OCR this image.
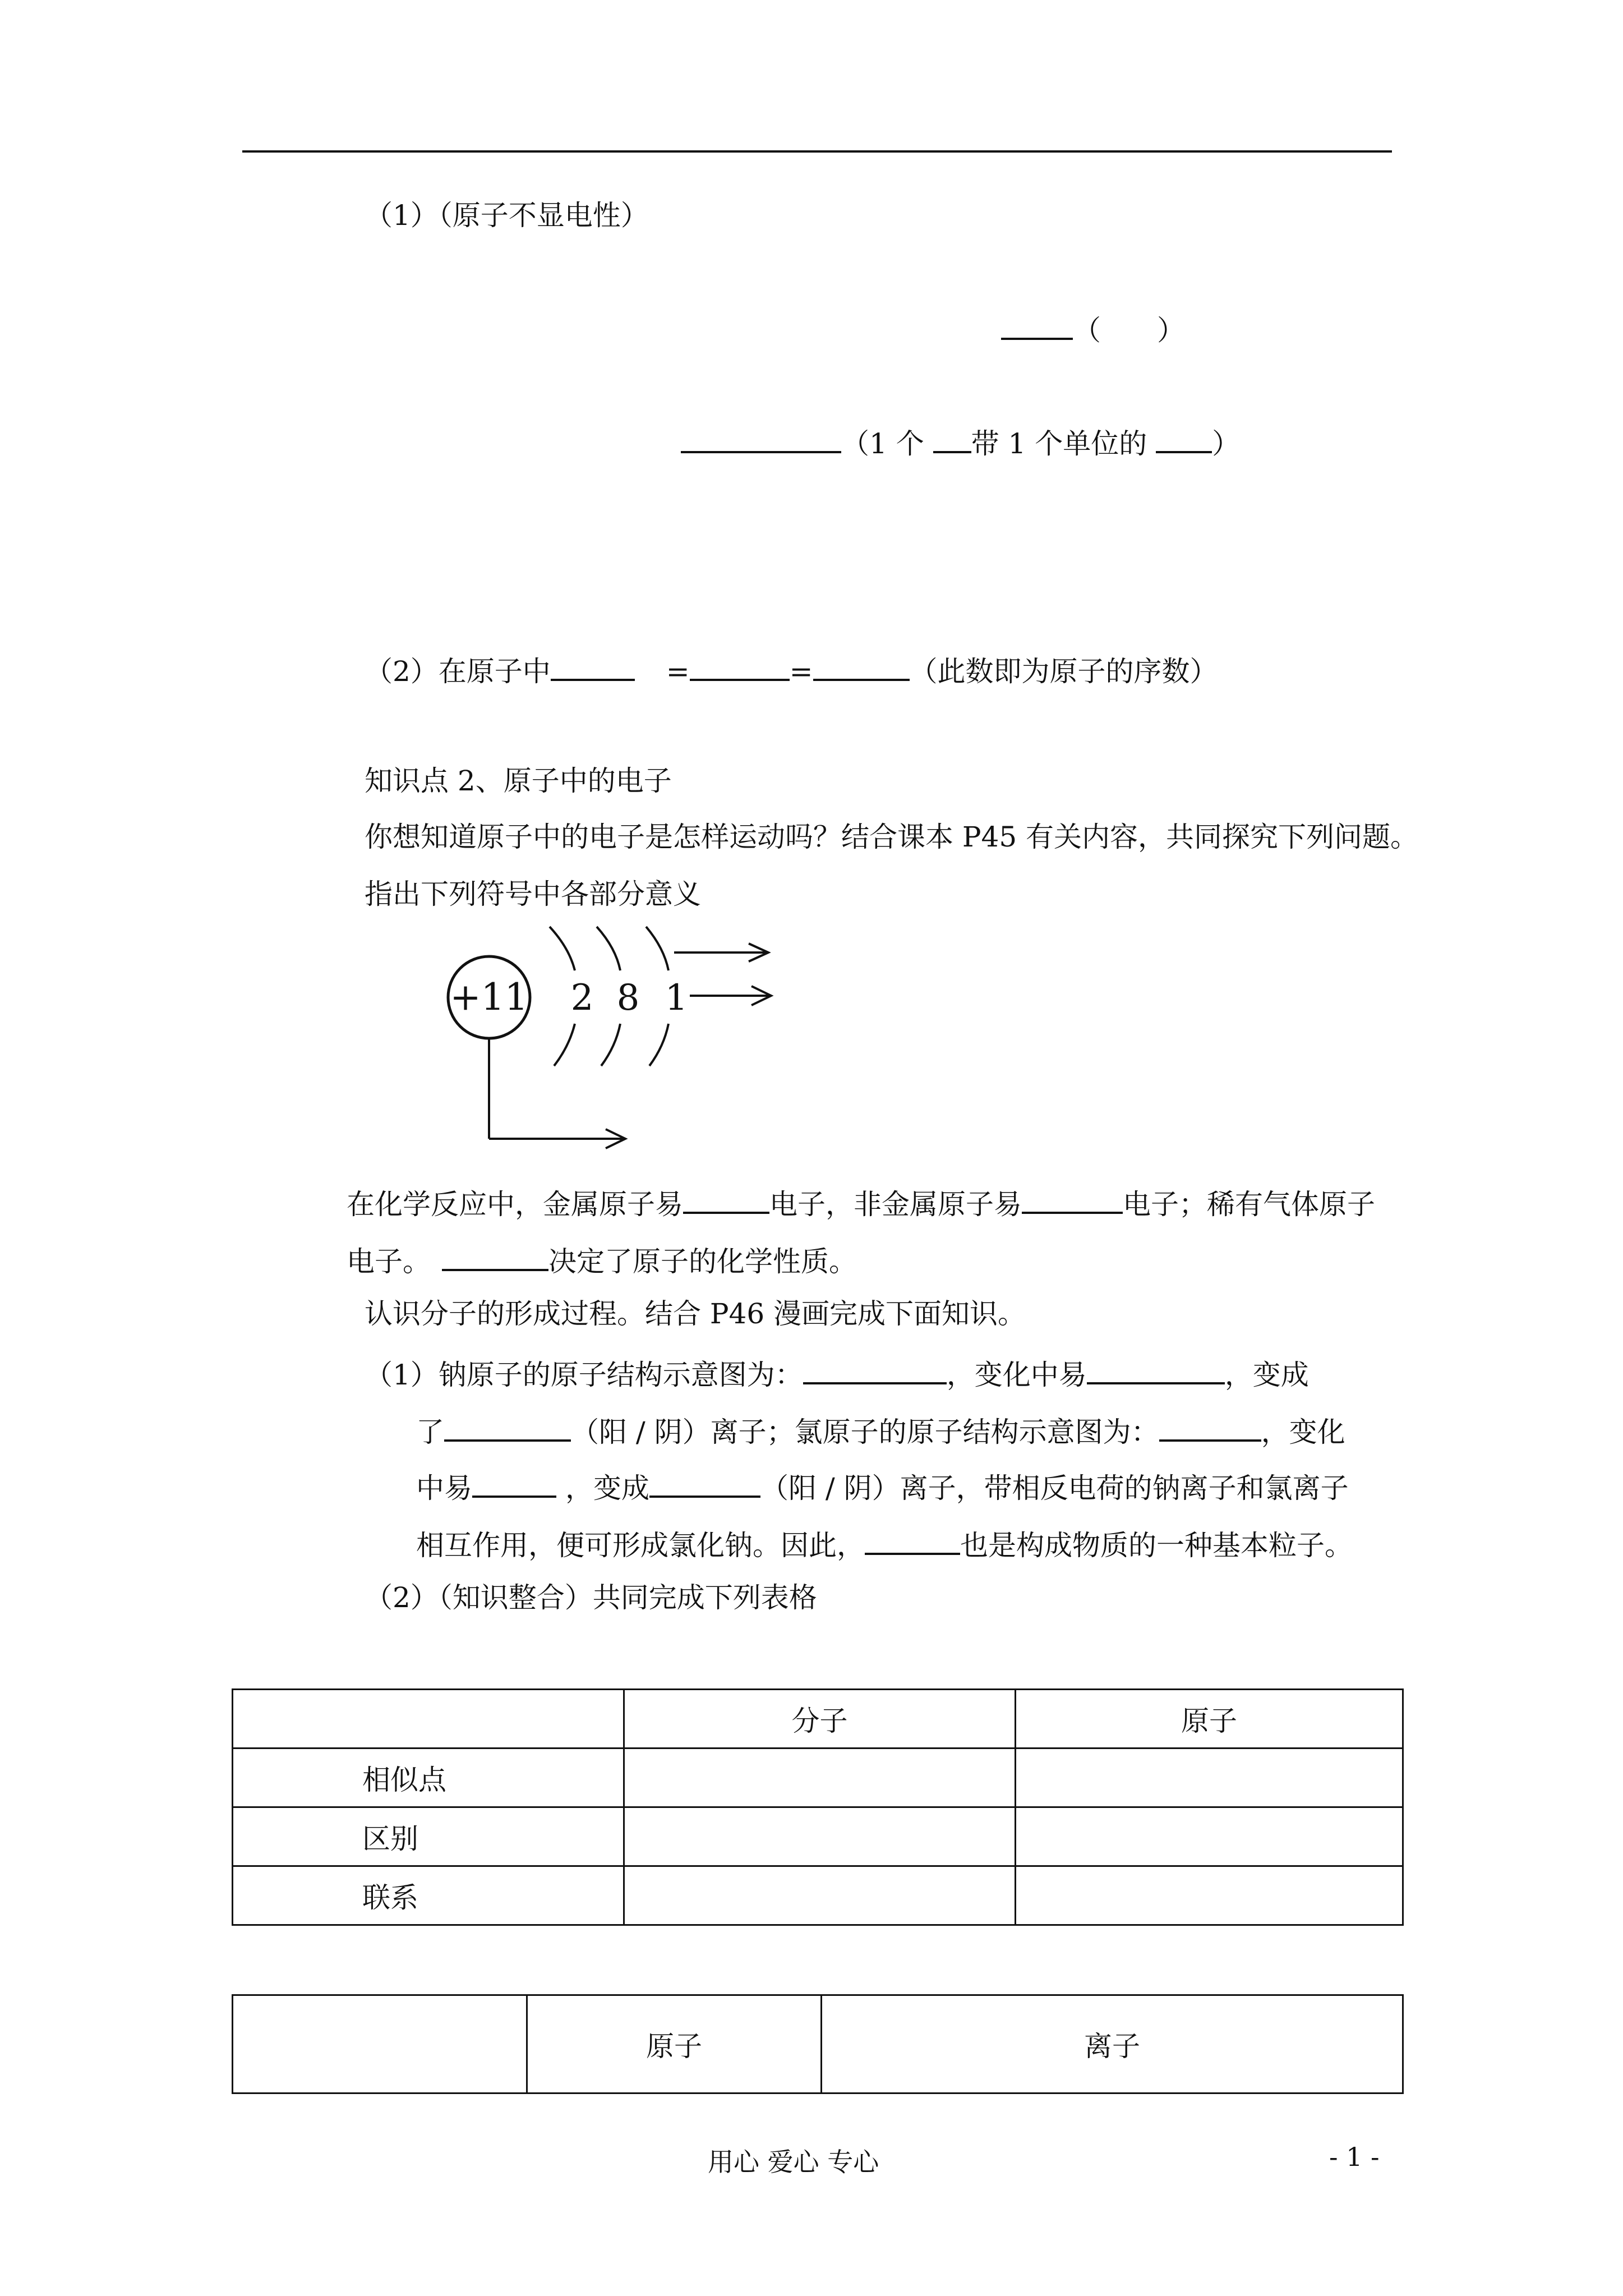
（1）（原子不显电性）
（　　）
（1 个 带 1 个单位的 ）
（2）在原子中	=	=	（此数即为原子的序数）
知识点 2、原子中的电子
你想知道原子中的电子是怎样运动吗？结合课本 P45 有关内容，共同探究下列问题。
指出下列符号中各部分意义
+11 2 8 1
在化学反应中，金属原子易	电子，非金属原子易	电子；稀有气体原子
电子。	决定了原子的化学性质。
认识分子的形成过程。结合 P46 漫画完成下面知识。
（1）钠原子的原子结构示意图为：	，变化中易	，变成
了	（阳 / 阴）离子；氯原子的原子结构示意图为：	，变化
中易	，变成	（阳 / 阴）离子，带相反电荷的钠离子和氯离子
相互作用，便可形成氯化钠。因此，	也是构成物质的一种基本粒子。
（2）（知识整合）共同完成下列表格
	分子	原子
相似点		
区别		
联系		
	原子	离子
用心 爱心 专心	- 1 -
